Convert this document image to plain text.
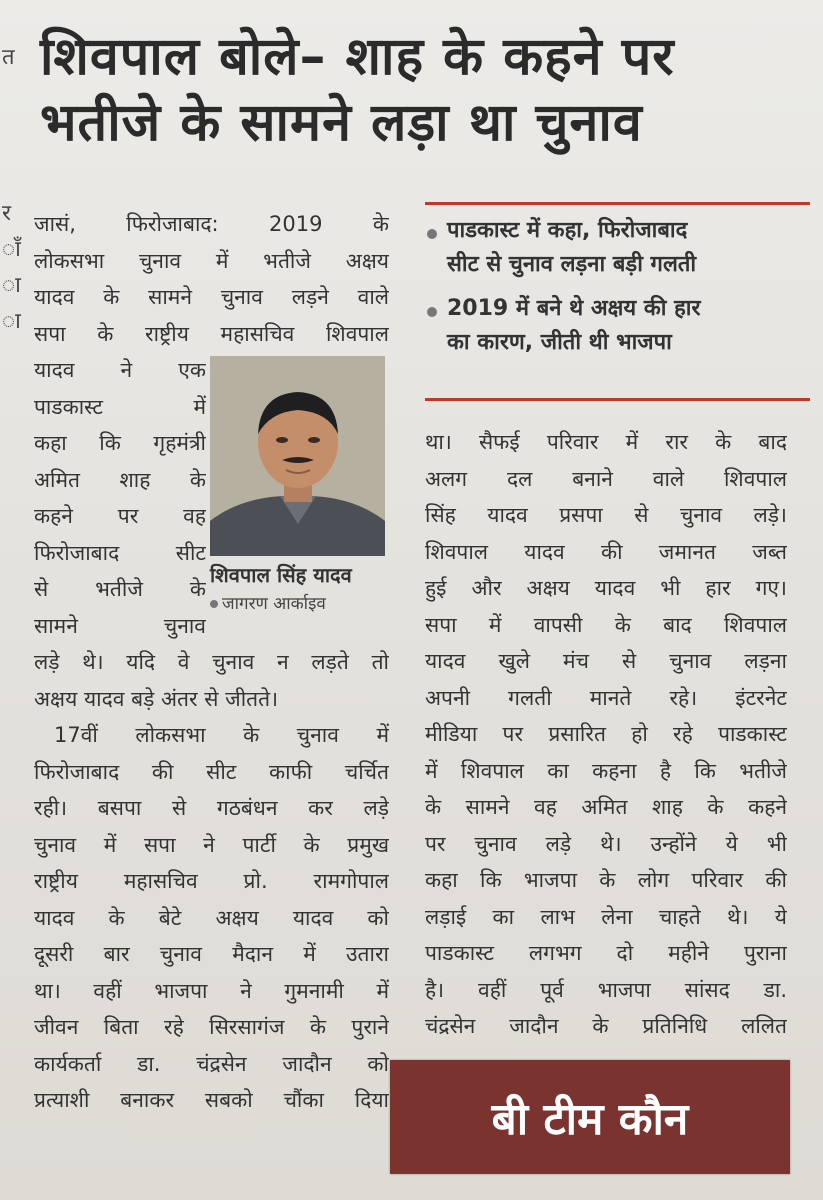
त
र
ाँ
ा
ा
शिवपाल बोले– शाह के कहने पर
भतीजे के सामने लड़ा था चुनाव
पाडकास्ट में कहा, फिरोजाबाद
सीट से चुनाव लड़ना बड़ी गलती
2019 में बने थे अक्षय की हार
का कारण, जीती थी भाजपा
जासं, फिरोजाबाद: 2019 के
लोकसभा चुनाव में भतीजे अक्षय
यादव के सामने चुनाव लड़ने वाले
सपा के राष्ट्रीय महासचिव शिवपाल
यादव ने एक
पाडकास्ट में
कहा कि गृहमंत्री
अमित शाह के
कहने पर वह
फिरोजाबाद सीट
से भतीजे के
सामने चुनाव
लड़े थे। यदि वे चुनाव न लड़ते तो
अक्षय यादव बड़े अंतर से जीतते।
17वीं लोकसभा के चुनाव में
फिरोजाबाद की सीट काफी चर्चित
रही। बसपा से गठबंधन कर लड़े
चुनाव में सपा ने पार्टी के प्रमुख
राष्ट्रीय महासचिव प्रो. रामगोपाल
यादव के बेटे अक्षय यादव को
दूसरी बार चुनाव मैदान में उतारा
था। वहीं भाजपा ने गुमनामी में
जीवन बिता रहे सिरसागंज के पुराने
कार्यकर्ता डा. चंद्रसेन जादौन को
प्रत्याशी बनाकर सबको चौंका दिया
शिवपाल सिंह यादव
जागरण आर्काइव
था। सैफई परिवार में रार के बाद
अलग दल बनाने वाले शिवपाल
सिंह यादव प्रसपा से चुनाव लड़े।
शिवपाल यादव की जमानत जब्त
हुई और अक्षय यादव भी हार गए।
सपा में वापसी के बाद शिवपाल
यादव खुले मंच से चुनाव लड़ना
अपनी गलती मानते रहे। इंटरनेट
मीडिया पर प्रसारित हो रहे पाडकास्ट
में शिवपाल का कहना है कि भतीजे
के सामने वह अमित शाह के कहने
पर चुनाव लड़े थे। उन्होंने ये भी
कहा कि भाजपा के लोग परिवार की
लड़ाई का लाभ लेना चाहते थे। ये
पाडकास्ट लगभग दो महीने पुराना
है। वहीं पूर्व भाजपा सांसद डा.
चंद्रसेन जादौन के प्रतिनिधि ललित
बी टीम कौन
